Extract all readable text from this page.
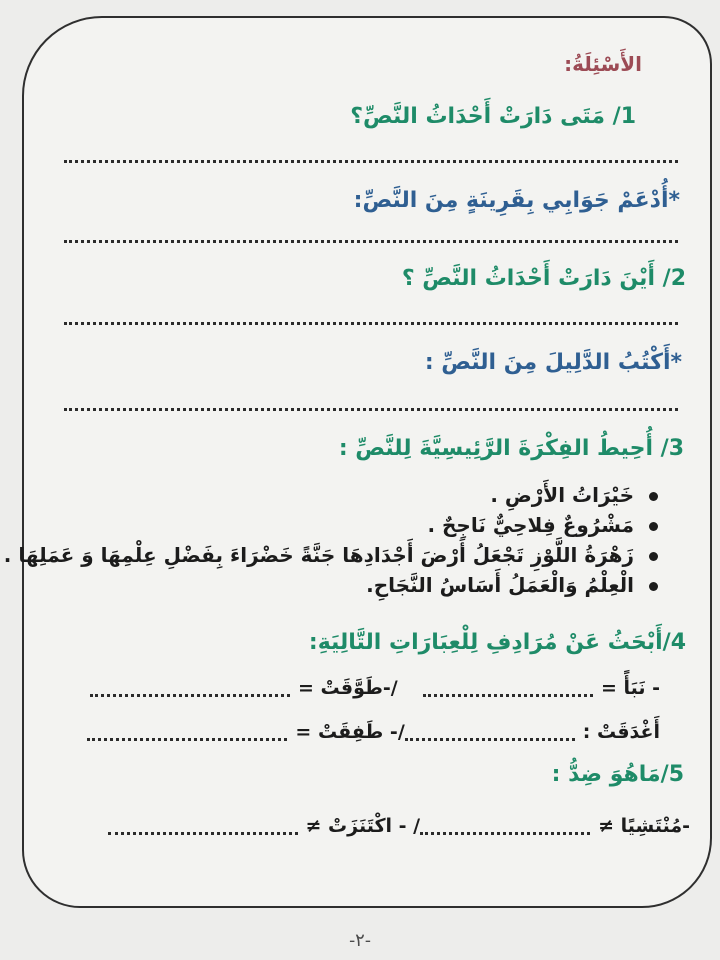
الأَسْئِلَةُ:
1/ مَتَى دَارَتْ أَحْدَاثُ النَّصِّ؟
*أُدْعَمْ جَوَابِي بِقَرِينَةٍ مِنَ النَّصِّ:
2/ أَيْنَ دَارَتْ أَحْدَاثُ النَّصِّ ؟
*أَكْتُبُ الدَّلِيلَ مِنَ النَّصِّ :
3/ أُحِيطُ الفِكْرَةَ الرَّئِيسِيَّةَ لِلنَّصِّ :
خَيْرَاتُ الأَرْضِ .
مَشْرُوعٌ فِلاحِيٌّ نَاجِحٌ .
زَهْرَةُ اللَّوْزِ تَجْعَلُ أَرْضَ أَجْدَادِهَا جَنَّةً خَضْرَاءَ بِفَضْلِ عِلْمِهَا وَ عَمَلِهَا .
الْعِلْمُ وَالْعَمَلُ أَسَاسُ النَّجَاحِ.
4/أَبْحَثُ عَنْ مُرَادِفِ لِلْعِبَارَاتِ التَّالِيَةِ:
- نَبَأً =
/-طَوَّقَتْ =
أَغْدَقَتْ :
/- طَفِقَتْ =
5/مَاهُوَ ضِدُّ :
-مُنْتَشِيًا ≠
/ - اكْتَنَزَتْ ≠
-٢-
